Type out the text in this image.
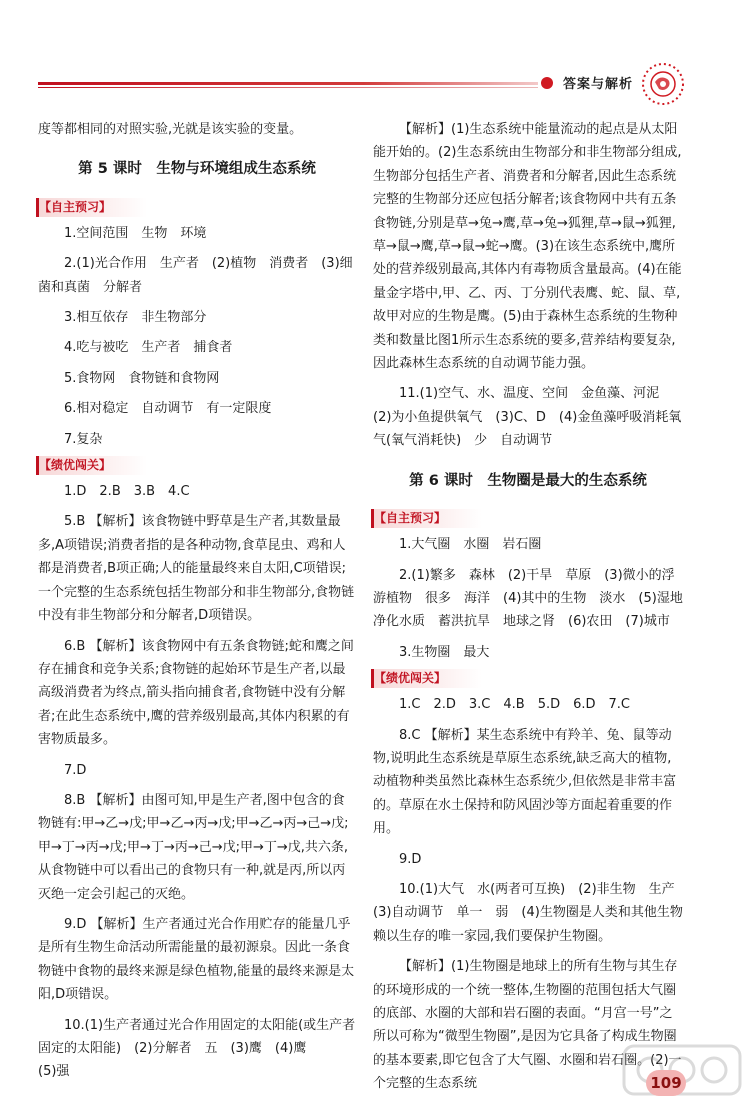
答案与解析

度等都相同的对照实验,光就是该实验的变量。

第 5 课时　生物与环境组成生态系统

【自主预习】

1.空间范围　生物　环境

2.(1)光合作用　生产者　(2)植物　消费者　(3)细菌和真菌　分解者

3.相互依存　非生物部分

4.吃与被吃　生产者　捕食者

5.食物网　食物链和食物网

6.相对稳定　自动调节　有一定限度

7.复杂

【绩优闯关】

1.D　2.B　3.B　4.C

5.B 【解析】该食物链中野草是生产者,其数量最多,A项错误;消费者指的是各种动物,食草昆虫、鸡和人都是消费者,B项正确;人的能量最终来自太阳,C项错误;一个完整的生态系统包括生物部分和非生物部分,食物链中没有非生物部分和分解者,D项错误。

6.B 【解析】该食物网中有五条食物链;蛇和鹰之间存在捕食和竞争关系;食物链的起始环节是生产者,以最高级消费者为终点,箭头指向捕食者,食物链中没有分解者;在此生态系统中,鹰的营养级别最高,其体内积累的有害物质最多。

7.D

8.B 【解析】由图可知,甲是生产者,图中包含的食物链有:甲→乙→戊;甲→乙→丙→戊;甲→乙→丙→己→戊;甲→丁→丙→戊;甲→丁→丙→己→戊;甲→丁→戊,共六条,从食物链中可以看出己的食物只有一种,就是丙,所以丙灭绝一定会引起己的灭绝。

9.D 【解析】生产者通过光合作用贮存的能量几乎是所有生物生命活动所需能量的最初源泉。因此一条食物链中食物的最终来源是绿色植物,能量的最终来源是太阳,D项错误。

10.(1)生产者通过光合作用固定的太阳能(或生产者固定的太阳能)　(2)分解者　五　(3)鹰　(4)鹰

(5)强

【解析】(1)生态系统中能量流动的起点是从太阳能开始的。(2)生态系统由生物部分和非生物部分组成,生物部分包括生产者、消费者和分解者,因此生态系统完整的生物部分还应包括分解者;该食物网中共有五条食物链,分别是草→兔→鹰,草→兔→狐狸,草→鼠→狐狸,草→鼠→鹰,草→鼠→蛇→鹰。(3)在该生态系统中,鹰所处的营养级别最高,其体内有毒物质含量最高。(4)在能量金字塔中,甲、乙、丙、丁分别代表鹰、蛇、鼠、草,故甲对应的生物是鹰。(5)由于森林生态系统的生物种类和数量比图1所示生态系统的要多,营养结构要复杂,因此森林生态系统的自动调节能力强。

11.(1)空气、水、温度、空间　金鱼藻、河泥　(2)为小鱼提供氧气　(3)C、D　(4)金鱼藻呼吸消耗氧气(氧气消耗快)　少　自动调节

第 6 课时　生物圈是最大的生态系统

【自主预习】

1.大气圈　水圈　岩石圈

2.(1)繁多　森林　(2)干旱　草原　(3)微小的浮游植物　很多　海洋　(4)其中的生物　淡水　(5)湿地　净化水质　蓄洪抗旱　地球之肾　(6)农田　(7)城市

3.生物圈　最大

【绩优闯关】

1.C　2.D　3.C　4.B　5.D　6.D　7.C

8.C 【解析】某生态系统中有羚羊、兔、鼠等动物,说明此生态系统是草原生态系统,缺乏高大的植物,动植物种类虽然比森林生态系统少,但依然是非常丰富的。草原在水土保持和防风固沙等方面起着重要的作用。

9.D

10.(1)大气　水(两者可互换)　(2)非生物　生产

(3)自动调节　单一　弱　(4)生物圈是人类和其他生物赖以生存的唯一家园,我们要保护生物圈。

【解析】(1)生物圈是地球上的所有生物与其生存的环境形成的一个统一整体,生物圈的范围包括大气圈的底部、水圈的大部和岩石圈的表面。“月宫一号”之所以可称为“微型生物圈”,是因为它具备了构成生物圈的基本要素,即它包含了大气圈、水圈和岩石圈。(2)一个完整的生态系统	109
